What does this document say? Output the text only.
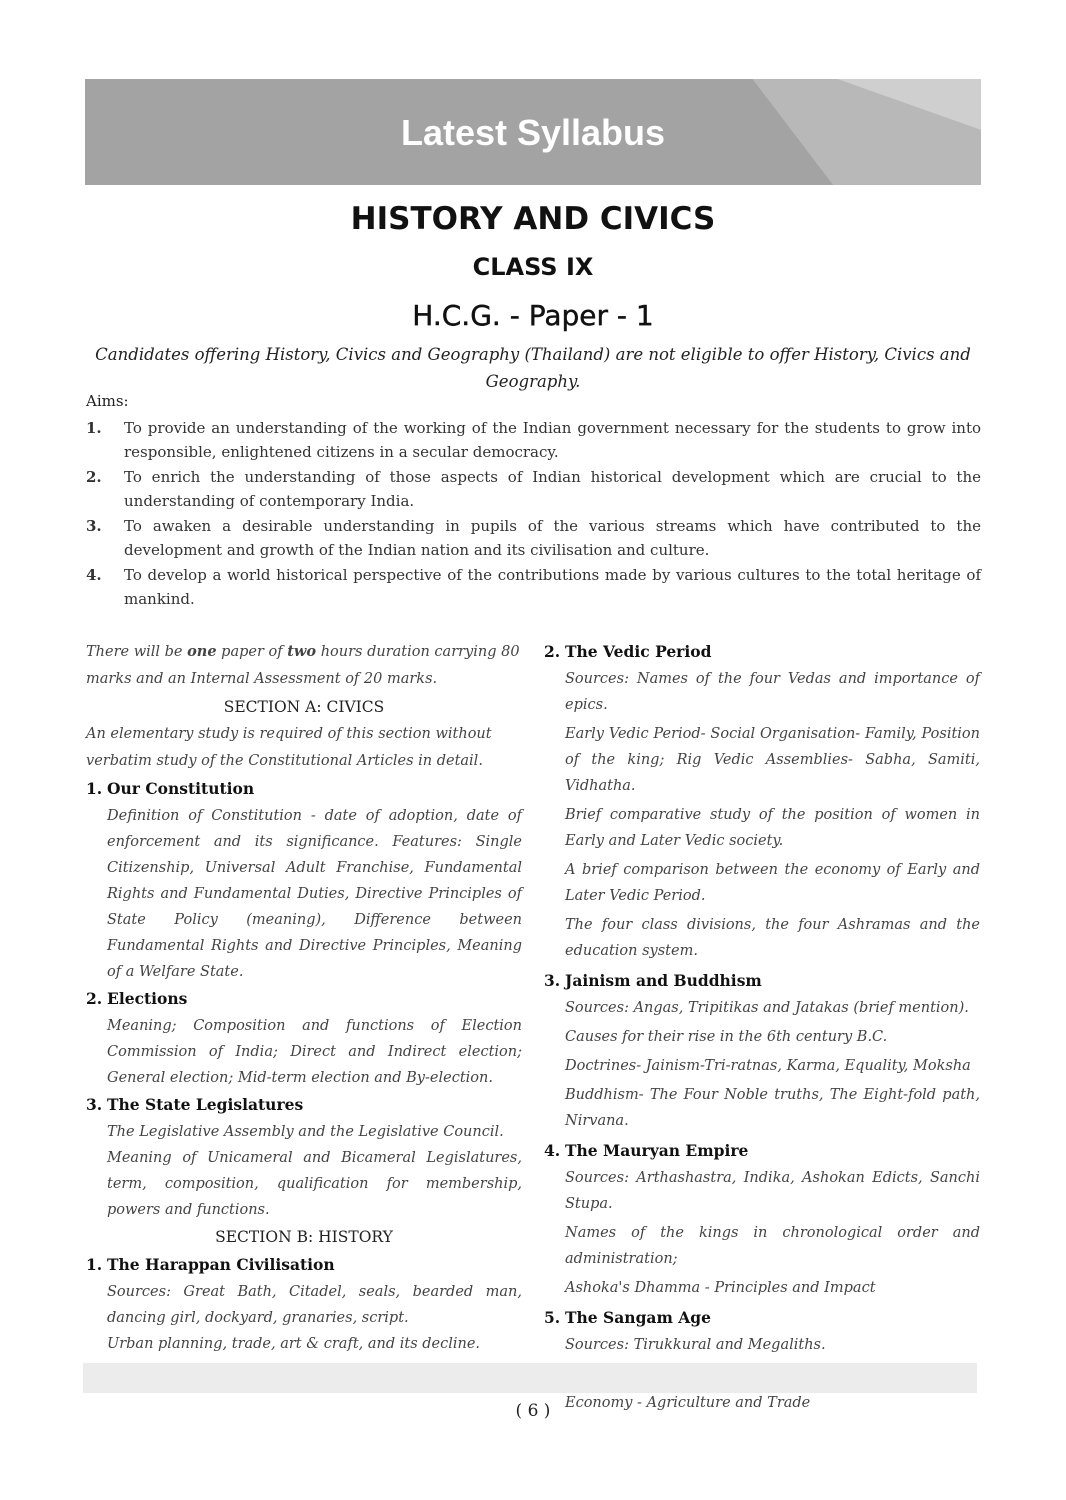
Latest Syllabus
HISTORY AND CIVICS
CLASS IX
H.C.G. - Paper - 1
Candidates offering History, Civics and Geography (Thailand) are not eligible to offer History, Civics and Geography.
Aims:
1. To provide an understanding of the working of the Indian government necessary for the students to grow into responsible, enlightened citizens in a secular democracy.
2. To enrich the understanding of those aspects of Indian historical development which are crucial to the understanding of contemporary India.
3. To awaken a desirable understanding in pupils of the various streams which have contributed to the development and growth of the Indian nation and its civilisation and culture.
4. To develop a world historical perspective of the contributions made by various cultures to the total heritage of mankind.
There will be one paper of two hours duration carrying 80 marks and an Internal Assessment of 20 marks.
SECTION A: CIVICS
An elementary study is required of this section without verbatim study of the Constitutional Articles in detail.
1. Our Constitution

Definition of Constitution - date of adoption, date of enforcement and its significance. Features: Single Citizenship, Universal Adult Franchise, Fundamental Rights and Fundamental Duties, Directive Principles of State Policy (meaning), Difference between Fundamental Rights and Directive Principles, Meaning of a Welfare State.

2. Elections

Meaning; Composition and functions of Election Commission of India; Direct and Indirect election; General election; Mid-term election and By-election.

3. The State Legislatures

The Legislative Assembly and the Legislative Council.

Meaning of Unicameral and Bicameral Legislatures, term, composition, qualification for membership, powers and functions.

SECTION B: HISTORY
1. The Harappan Civilisation

Sources: Great Bath, Citadel, seals, bearded man, dancing girl, dockyard, granaries, script.

Urban planning, trade, art & craft, and its decline.

2. The Vedic Period

Sources: Names of the four Vedas and importance of epics.

Early Vedic Period- Social Organisation- Family, Position of the king; Rig Vedic Assemblies- Sabha, Samiti, Vidhatha.

Brief comparative study of the position of women in Early and Later Vedic society.

A brief comparison between the economy of Early and Later Vedic Period.

The four class divisions, the four Ashramas and the education system.

3. Jainism and Buddhism

Sources: Angas, Tripitikas and Jatakas (brief mention).

Causes for their rise in the 6th century B.C.

Doctrines- Jainism-Tri-ratnas, Karma, Equality, Moksha

Buddhism- The Four Noble truths, The Eight-fold path, Nirvana.

4. The Mauryan Empire

Sources: Arthashastra, Indika, Ashokan Edicts, Sanchi Stupa.

Names of the kings in chronological order and administration;

Ashoka's Dhamma - Principles and Impact

5. The Sangam Age

Sources: Tirukkural and Megaliths.

Economy - Agriculture and Trade

( 6 )
